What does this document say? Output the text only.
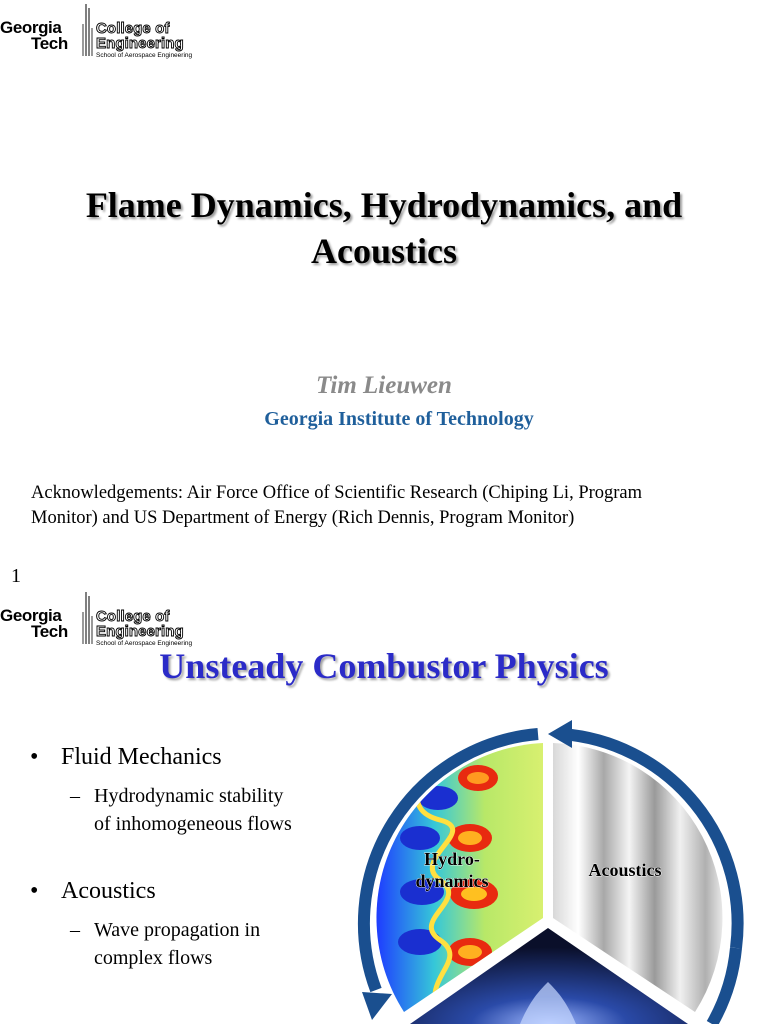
Georgia
Tech
College of
Engineering
School of Aerospace Engineering
Flame Dynamics, Hydrodynamics, and
Acoustics
Tim Lieuwen
Georgia Institute of Technology
Acknowledgements: Air Force Office of Scientific Research (Chiping Li, Program
Monitor) and US Department of Energy (Rich Dennis, Program Monitor)
1
Georgia
Tech
College of
Engineering
School of Aerospace Engineering
Unsteady Combustor Physics
• Fluid Mechanics
– Hydrodynamic stability
of inhomogeneous flows
• Acoustics
– Wave propagation in
complex flows
Hydro-
dynamics
Acoustics
